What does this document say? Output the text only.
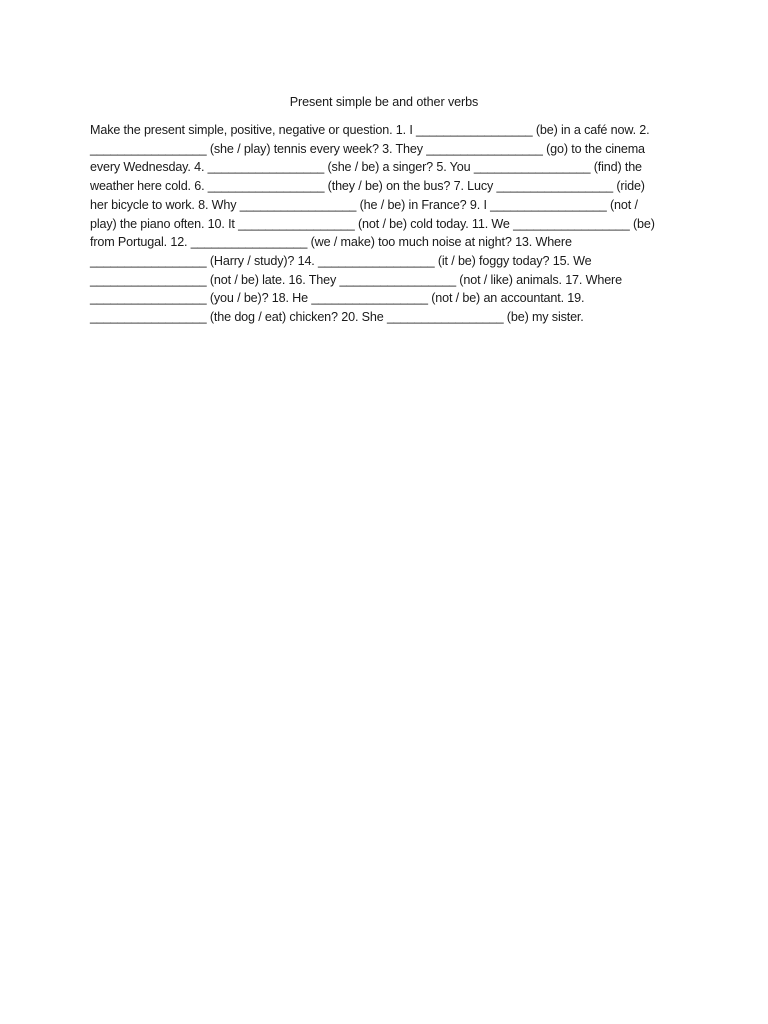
Present simple be and other verbs
Make the present simple, positive, negative or question. 1. I _________________ (be) in a café now. 2.
_________________ (she / play) tennis every week? 3. They _________________ (go) to the cinema
every Wednesday. 4. _________________ (she / be) a singer? 5. You _________________ (find) the
weather here cold. 6. _________________ (they / be) on the bus? 7. Lucy _________________ (ride)
her bicycle to work. 8. Why _________________ (he / be) in France? 9. I _________________ (not /
play) the piano often. 10. It _________________ (not / be) cold today. 11. We _________________ (be)
from Portugal. 12. _________________ (we / make) too much noise at night? 13. Where
_________________ (Harry / study)? 14. _________________ (it / be) foggy today? 15. We
_________________ (not / be) late. 16. They _________________ (not / like) animals. 17. Where
_________________ (you / be)? 18. He _________________ (not / be) an accountant. 19.
_________________ (the dog / eat) chicken? 20. She _________________ (be) my sister.
